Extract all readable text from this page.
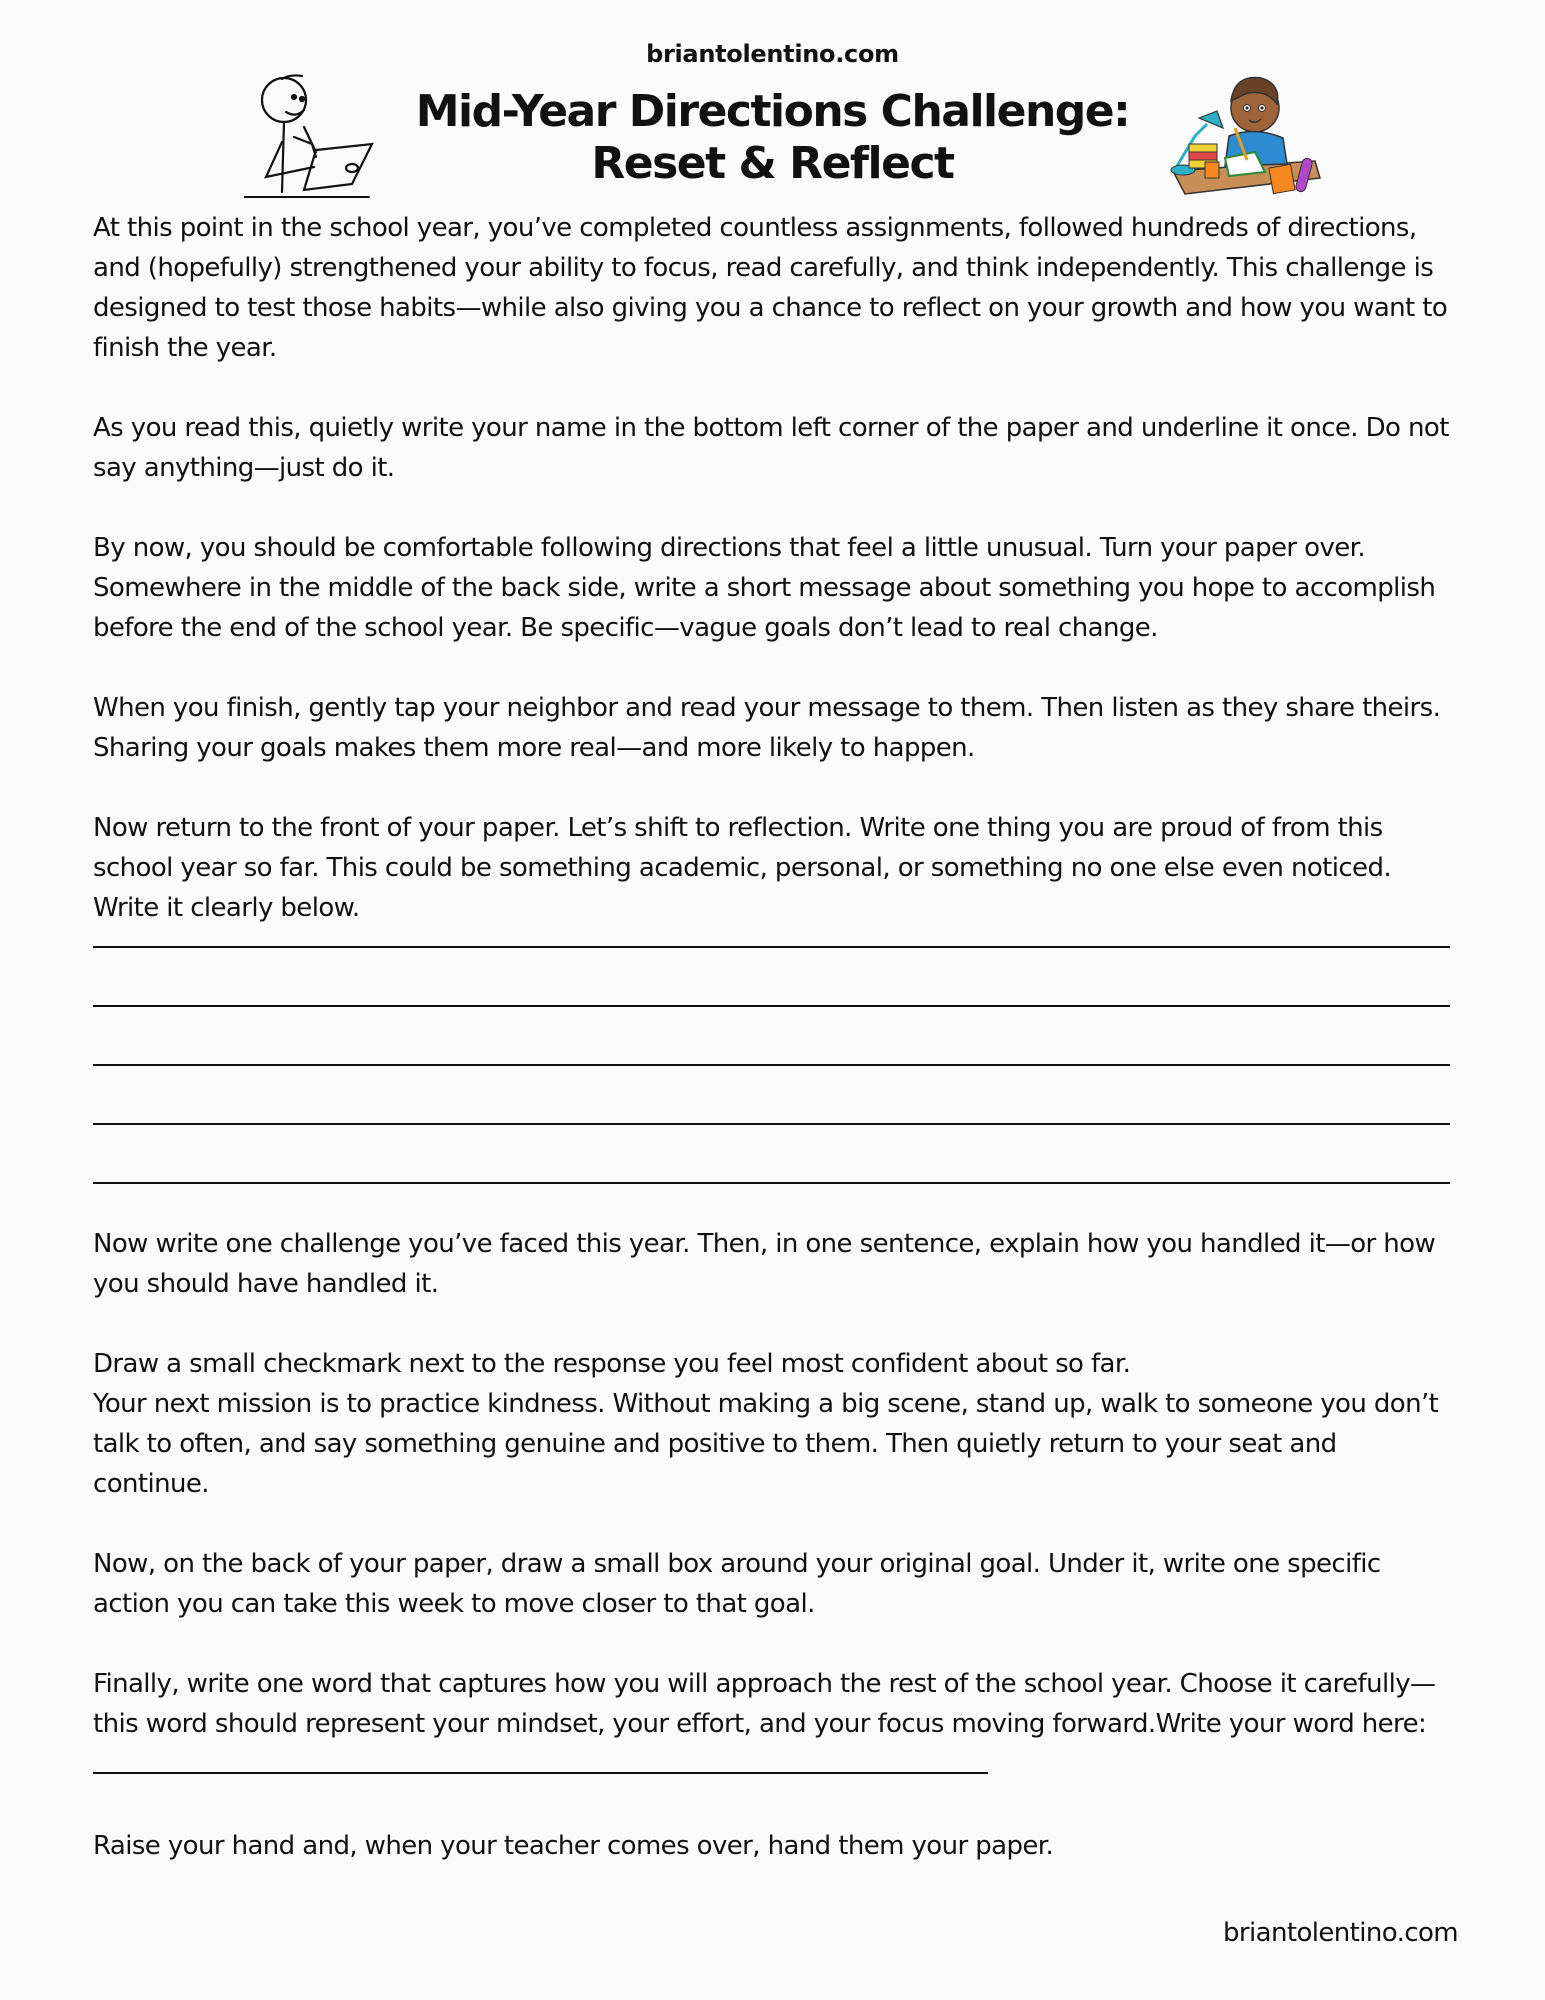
briantolentino.com
Mid-Year Directions Challenge:
Reset & Reflect

At this point in the school year, you’ve completed countless assignments, followed hundreds of directions, and (hopefully) strengthened your ability to focus, read carefully, and think independently. This challenge is designed to test those habits—while also giving you a chance to reflect on your growth and how you want to finish the year.

As you read this, quietly write your name in the bottom left corner of the paper and underline it once. Do not say anything—just do it.

By now, you should be comfortable following directions that feel a little unusual. Turn your paper over. Somewhere in the middle of the back side, write a short message about something you hope to accomplish before the end of the school year. Be specific—vague goals don’t lead to real change.

When you finish, gently tap your neighbor and read your message to them. Then listen as they share theirs. Sharing your goals makes them more real—and more likely to happen.

Now return to the front of your paper. Let’s shift to reflection. Write one thing you are proud of from this school year so far. This could be something academic, personal, or something no one else even noticed. Write it clearly below.

Now write one challenge you’ve faced this year. Then, in one sentence, explain how you handled it—or how you should have handled it.

Draw a small checkmark next to the response you feel most confident about so far.

Your next mission is to practice kindness. Without making a big scene, stand up, walk to someone you don’t talk to often, and say something genuine and positive to them. Then quietly return to your seat and continue.

Now, on the back of your paper, draw a small box around your original goal. Under it, write one specific action you can take this week to move closer to that goal.

Finally, write one word that captures how you will approach the rest of the school year. Choose it carefully—this word should represent your mindset, your effort, and your focus moving forward.Write your word here:

Raise your hand and, when your teacher comes over, hand them your paper.

briantolentino.com
